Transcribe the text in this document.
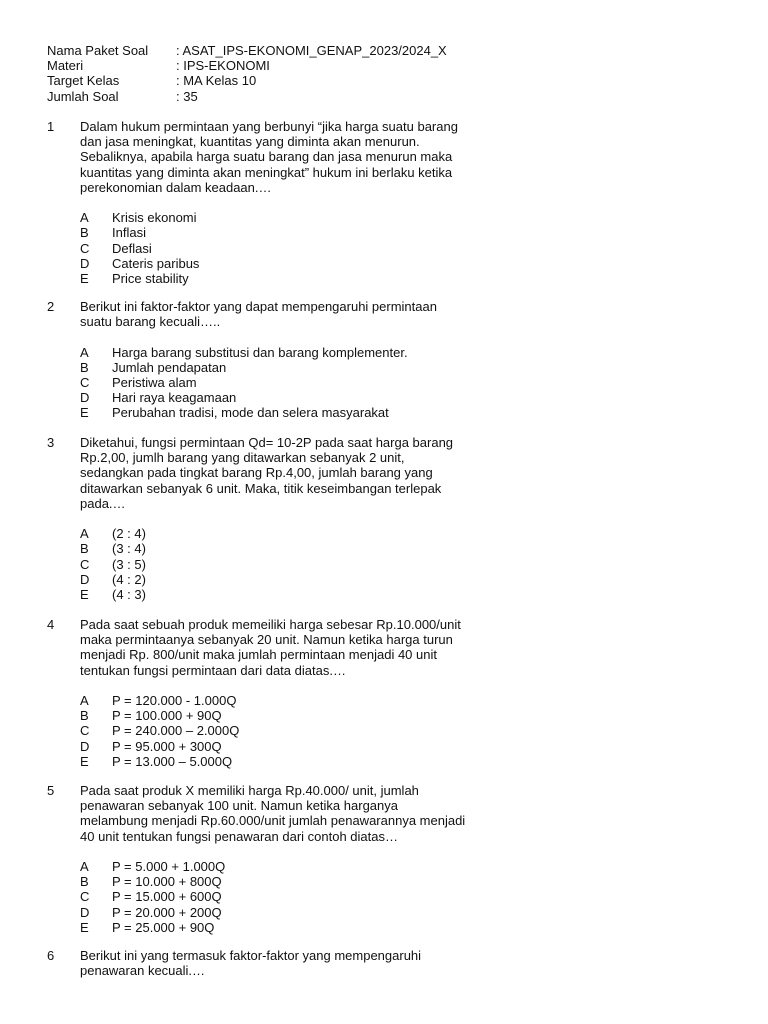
Nama Paket Soal	: ASAT_IPS-EKONOMI_GENAP_2023/2024_X
Materi	: IPS-EKONOMI
Target Kelas	: MA Kelas 10
Jumlah Soal	: 35
1	Dalam hukum permintaan yang berbunyi “jika harga suatu barang
dan jasa meningkat, kuantitas yang diminta akan menurun.
Sebaliknya, apabila harga suatu barang dan jasa menurun maka
kuantitas yang diminta akan meningkat” hukum ini berlaku ketika
perekonomian dalam keadaan.…
A	Krisis ekonomi
B	Inflasi
C	Deflasi
D	Cateris paribus
E	Price stability
2	Berikut ini faktor-faktor yang dapat mempengaruhi permintaan
suatu barang kecuali…..
A	Harga barang substitusi dan barang komplementer.
B	Jumlah pendapatan
C	Peristiwa alam
D	Hari raya keagamaan
E	Perubahan tradisi, mode dan selera masyarakat
3	Diketahui, fungsi permintaan Qd= 10-2P pada saat harga barang
Rp.2,00, jumlh barang yang ditawarkan sebanyak 2 unit,
sedangkan pada tingkat barang Rp.4,00, jumlah barang yang
ditawarkan sebanyak 6 unit. Maka, titik keseimbangan terlepak
pada.…
A	(2 : 4)
B	(3 : 4)
C	(3 : 5)
D	(4 : 2)
E	(4 : 3)
4	Pada saat sebuah produk memeiliki harga sebesar Rp.10.000/unit
maka permintaanya sebanyak 20 unit. Namun ketika harga turun
menjadi Rp. 800/unit maka jumlah permintaan menjadi 40 unit
tentukan fungsi permintaan dari data diatas.…
A	P = 120.000 - 1.000Q
B	P = 100.000 + 90Q
C	P = 240.000 – 2.000Q
D	P = 95.000 + 300Q
E	P = 13.000 – 5.000Q
5	Pada saat produk X memiliki harga Rp.40.000/ unit, jumlah
penawaran sebanyak 100 unit. Namun ketika harganya
melambung menjadi Rp.60.000/unit jumlah penawarannya menjadi
40 unit tentukan fungsi penawaran dari contoh diatas…
A	P = 5.000 + 1.000Q
B	P = 10.000 + 800Q
C	P = 15.000 + 600Q
D	P = 20.000 + 200Q
E	P = 25.000 + 90Q
6	Berikut ini yang termasuk faktor-faktor yang mempengaruhi
penawaran kecuali.…
